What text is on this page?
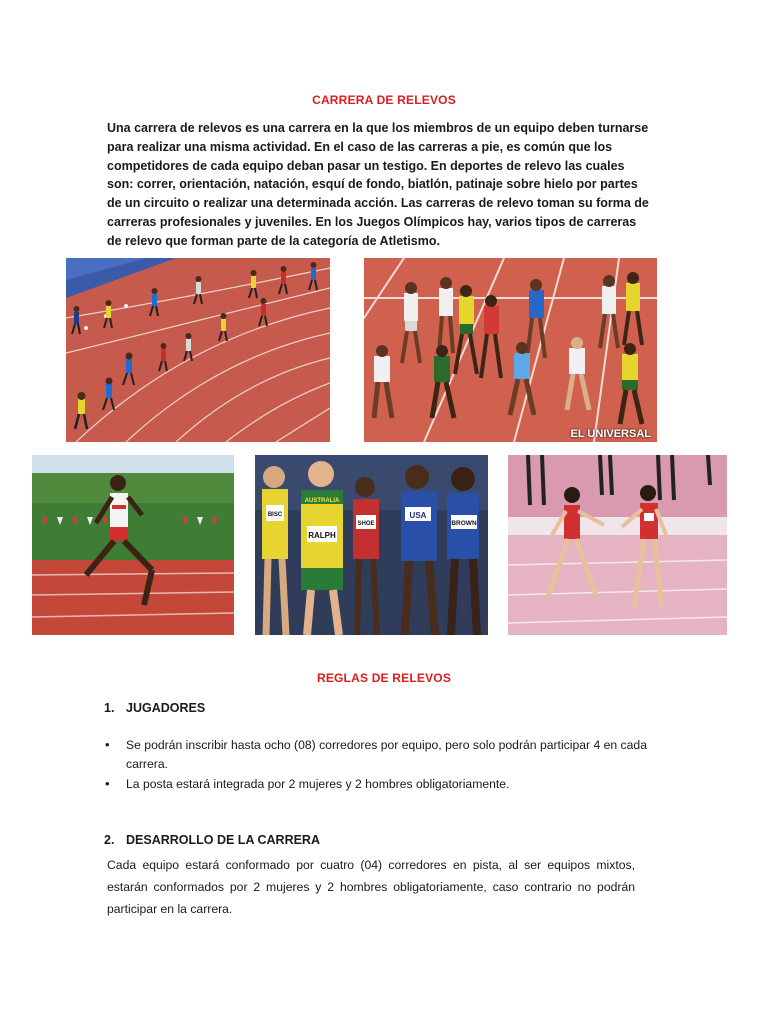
CARRERA DE RELEVOS

Una carrera de relevos es una carrera en la que los miembros de un equipo deben turnarse para realizar una misma actividad. En el caso de las carreras a pie, es común que los competidores de cada equipo deban pasar un testigo. En deportes de relevo las cuales

son: correr, orientación, natación, esquí de fondo, biatlón, patinaje sobre hielo por partes de un circuito o realizar una determinada acción. Las carreras de relevo toman su forma de carreras profesionales y juveniles. En los Juegos Olímpicos hay, varios tipos de carreras de relevo que forman parte de la categoría de Atletismo.

EL UNIVERSAL
BISC
AUSTRALIA
RALPH
SHOE
USA
BROWN
REGLAS DE RELEVOS
1. JUGADORES
• Se podrán inscribir hasta ocho (08) corredores por equipo, pero solo podrán participar 4 en cada carrera.
• La posta estará integrada por 2 mujeres y 2 hombres obligatoriamente.
2. DESARROLLO DE LA CARRERA
Cada equipo estará conformado por cuatro (04) corredores en pista, al ser equipos mixtos, estarán conformados por 2 mujeres y 2 hombres obligatoriamente, caso contrario no podrán participar en la carrera.
